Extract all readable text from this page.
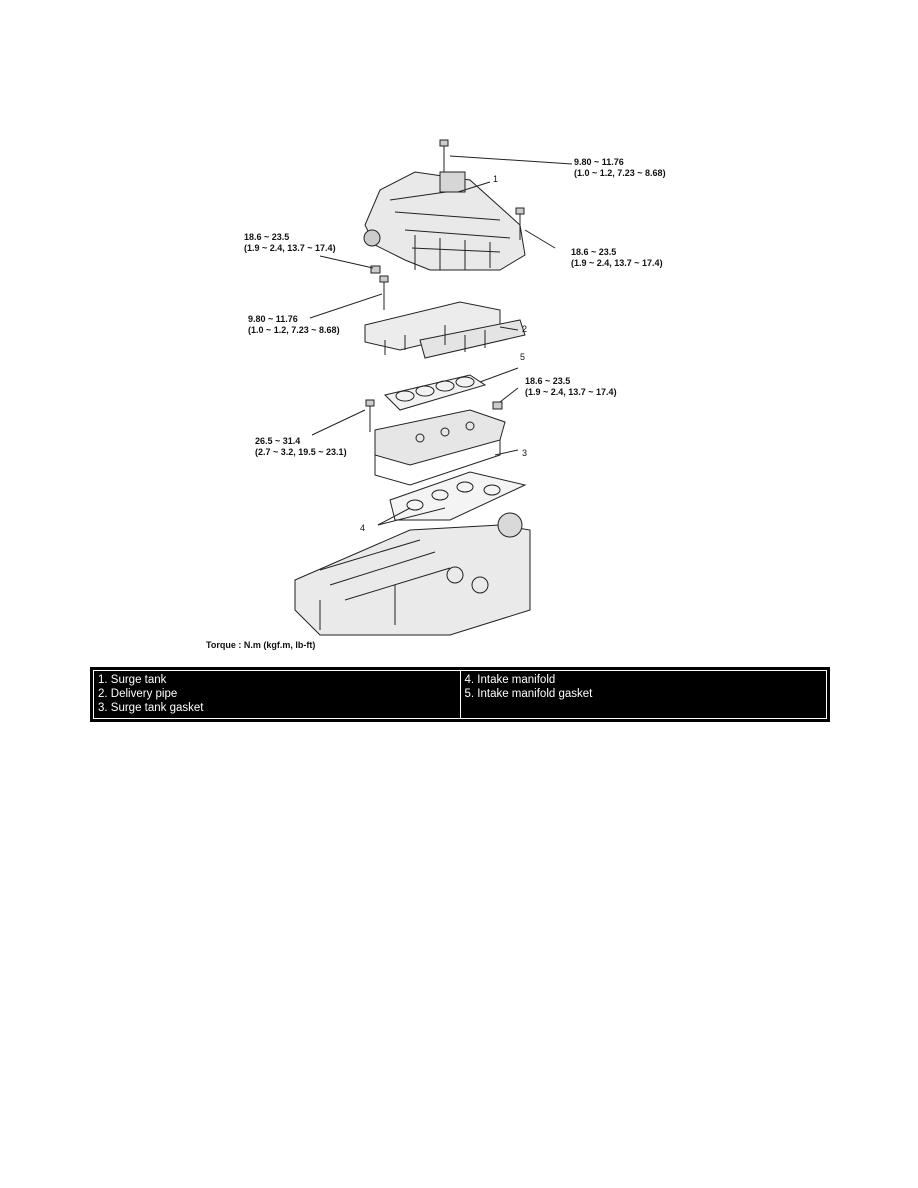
9.80 ~ 11.76
(1.0 ~ 1.2, 7.23 ~ 8.68)
18.6 ~ 23.5
(1.9 ~ 2.4, 13.7 ~ 17.4)	18.6 ~ 23.5
(1.9 ~ 2.4, 13.7 ~ 17.4)
9.80 ~ 11.76
(1.0 ~ 1.2, 7.23 ~ 8.68)
18.6 ~ 23.5
(1.9 ~ 2.4, 13.7 ~ 17.4)
26.5 ~ 31.4
(2.7 ~ 3.2, 19.5 ~ 23.1)
1
2
5
3
4
Torque : N.m (kgf.m, lb-ft)
1. Surge tank
2. Delivery pipe
3. Surge tank gasket
4. Intake manifold
5. Intake manifold gasket
